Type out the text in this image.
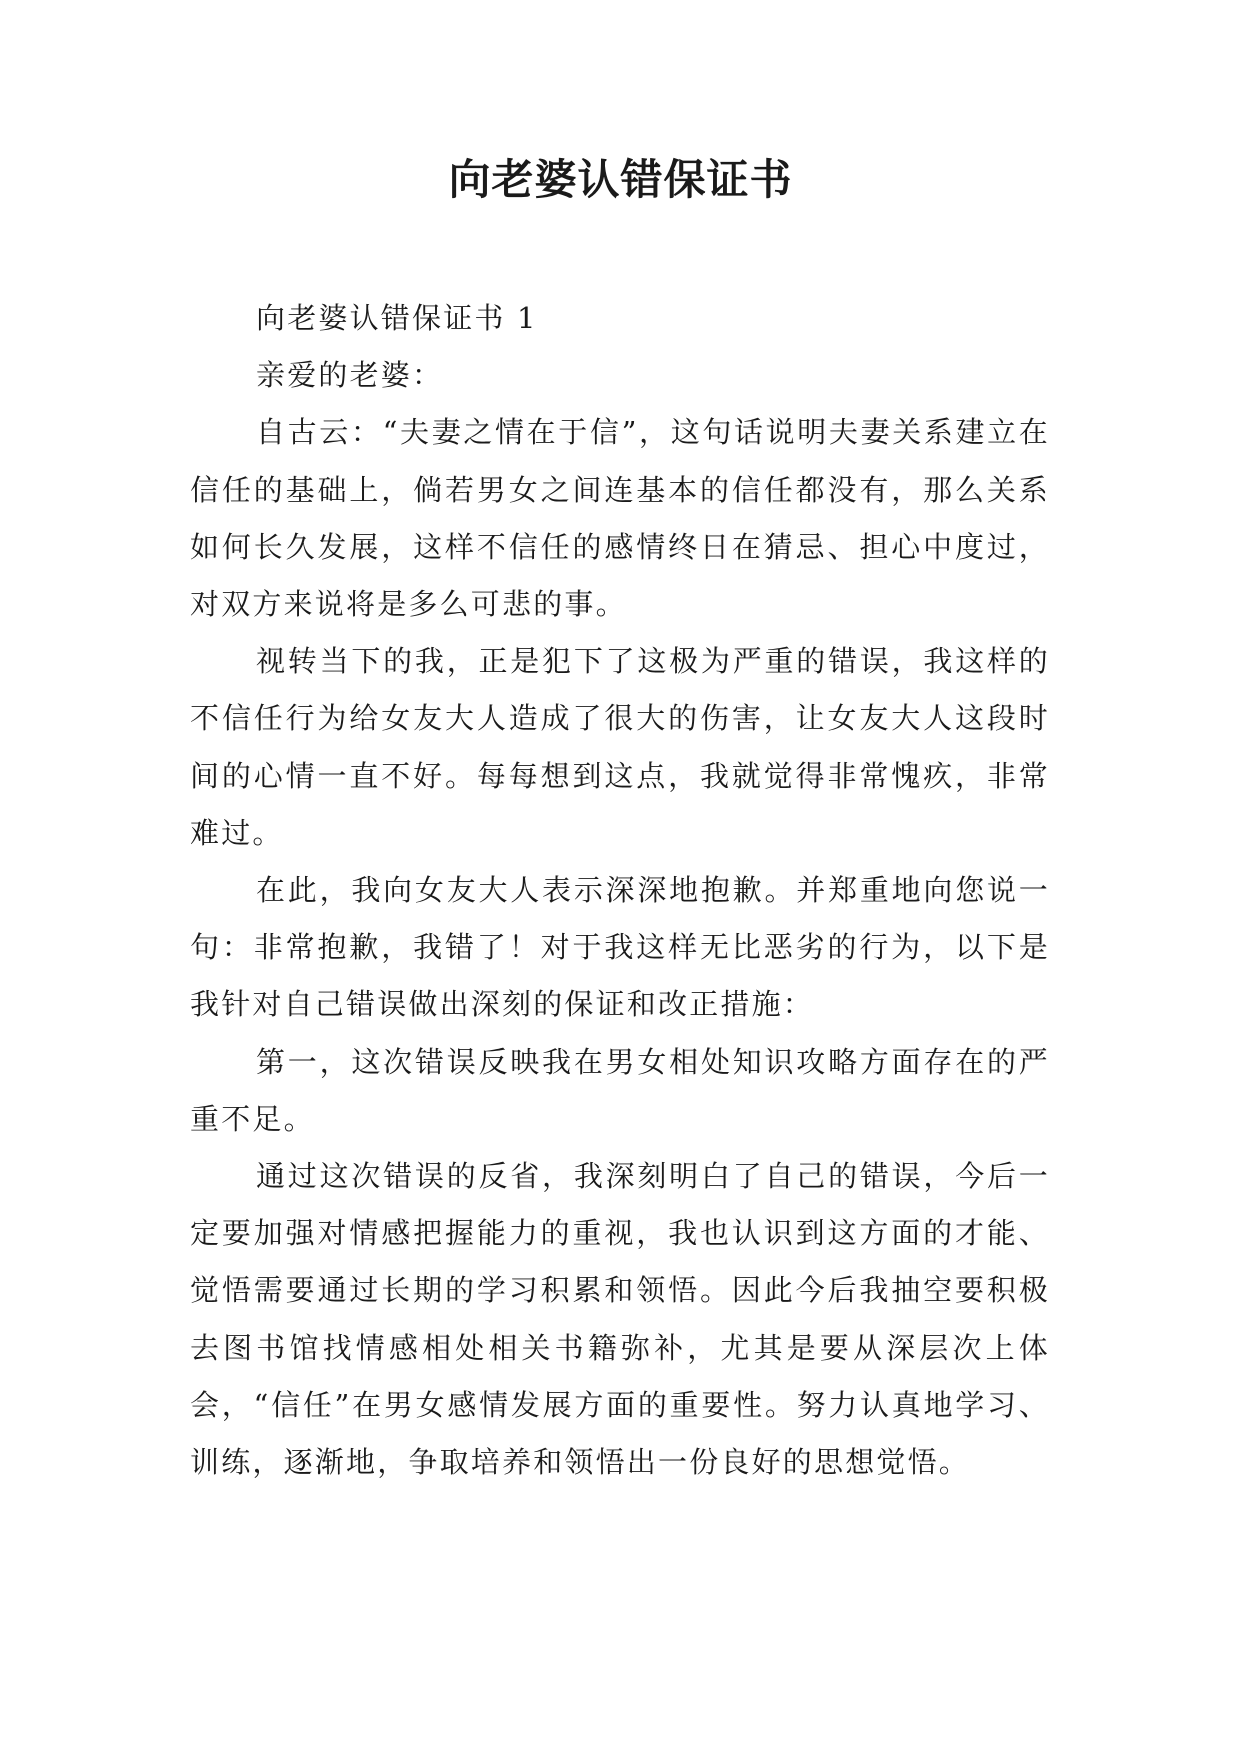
向老婆认错保证书

向老婆认错保证书 1

亲爱的老婆：

自古云：“夫妻之情在于信”，这句话说明夫妻关系建立在信任的基础上，倘若男女之间连基本的信任都没有，那么关系如何长久发展，这样不信任的感情终日在猜忌、担心中度过，对双方来说将是多么可悲的事。

视转当下的我，正是犯下了这极为严重的错误，我这样的不信任行为给女友大人造成了很大的伤害，让女友大人这段时间的心情一直不好。每每想到这点，我就觉得非常愧疚，非常难过。

在此，我向女友大人表示深深地抱歉。并郑重地向您说一句：非常抱歉，我错了！对于我这样无比恶劣的行为，以下是我针对自己错误做出深刻的保证和改正措施：

第一，这次错误反映我在男女相处知识攻略方面存在的严重不足。

通过这次错误的反省，我深刻明白了自己的错误，今后一定要加强对情感把握能力的重视，我也认识到这方面的才能、觉悟需要通过长期的学习积累和领悟。因此今后我抽空要积极去图书馆找情感相处相关书籍弥补，尤其是要从深层次上体会，“信任”在男女感情发展方面的重要性。努力认真地学习、训练，逐渐地，争取培养和领悟出一份良好的思想觉悟。
